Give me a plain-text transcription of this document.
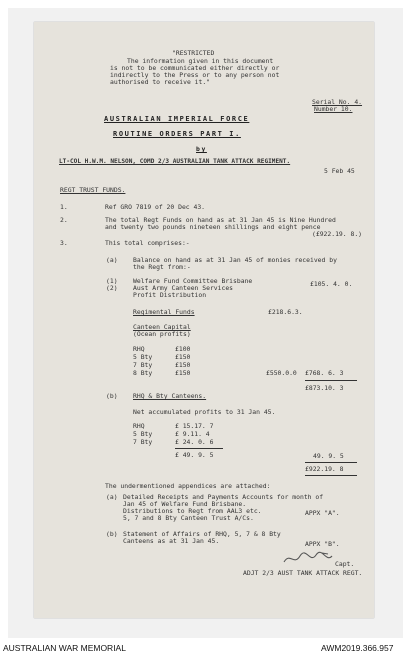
"RESTRICTED
The information given in this document
is not to be communicated either directly or
indirectly to the Press or to any person not
authorised to receive it."
Serial No. 4.
Number 10.
AUSTRALIAN IMPERIAL FORCE
ROUTINE ORDERS PART I.
by
LT-COL H.W.M. NELSON, COMD 2/3 AUSTRALIAN TANK ATTACK REGIMENT.
5 Feb 45
REGT TRUST FUNDS.
1.	Ref GRO 7819 of 20 Dec 43.
2.	The total Regt Funds on hand as at 31 Jan 45 is Nine Hundred
and twenty two pounds nineteen shillings and eight pence
(£922.19. 8.)
3.	This total comprises:-
(a) Balance on hand as at 31 Jan 45 of monies received by
the Regt from:-
(1) Welfare Fund Committee Brisbane	£105. 4. 0.
(2) Aust Army Canteen Services
Profit Distribution
Regimental Funds	£218.6.3.
Canteen Capital
(Ocean profits)
RHQ	£100
5 Bty	£150
7 Bty	£150
8 Bty	£150	£550.0.0 £768. 6. 3
£873.10. 3
(b) RHQ & Bty Canteens.
Net accumulated profits to 31 Jan 45.
RHQ	£ 15.17. 7
5 Bty	£ 9.11. 4
7 Bty	£ 24. 0. 6
£ 49. 9. 5	49. 9. 5
£922.19. 8
The undermentioned appendices are attached:
(a) Detailed Receipts and Payments Accounts for month of
Jan 45 of Welfare Fund Brisbane.
Distributions to Regt from AAL3 etc.
5, 7 and 8 Bty Canteen Trust A/Cs.
APPX "A".
(b) Statement of Affairs of RHQ, 5, 7 & 8 Bty
Canteens as at 31 Jan 45.	APPX "B".
Capt.
ADJT 2/3 AUST TANK ATTACK REGT.
AUSTRALIAN WAR MEMORIAL	AWM2019.366.957
